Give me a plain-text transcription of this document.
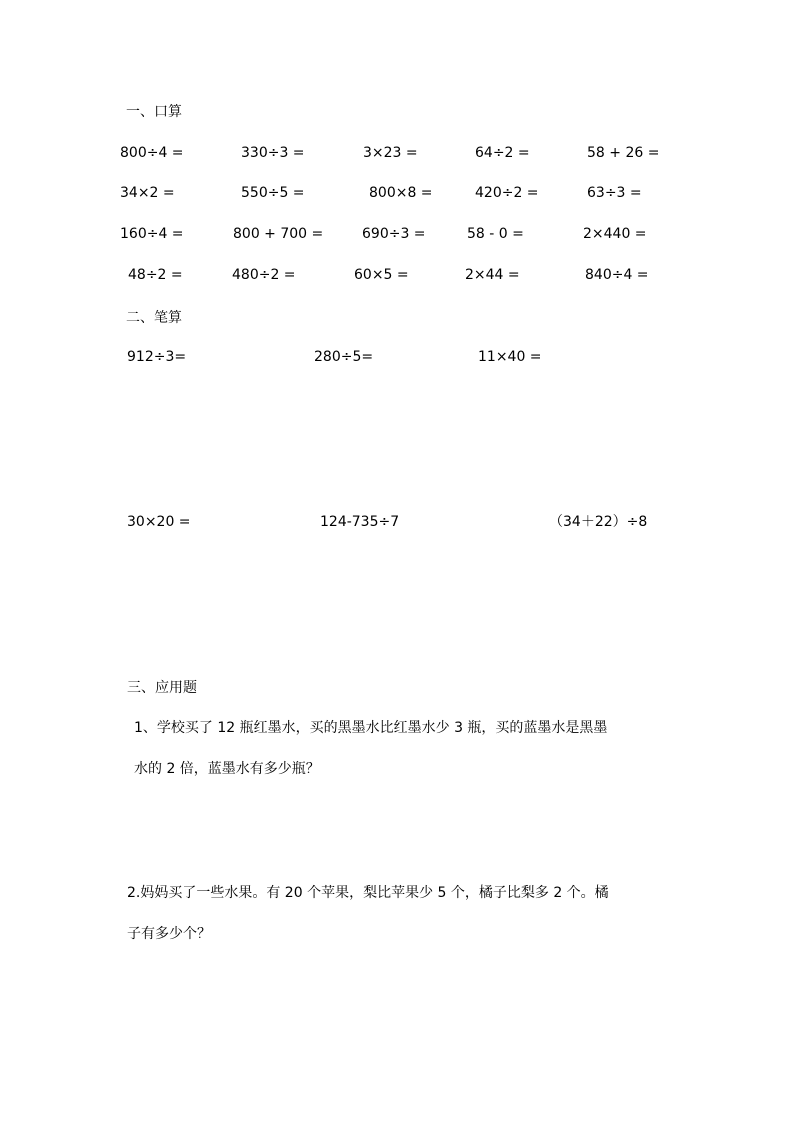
一、口算
800÷4 =	330÷3 =	3×23 =	64÷2 =	58 + 26 =
34×2 =	550÷5 =	800×8 =	420÷2 =	63÷3 =
160÷4 =	800 + 700 =	690÷3 =	58 - 0 =	2×440 =
48÷2 =	480÷2 =	60×5 =	2×44 =	840÷4 =
二、笔算
912÷3=	280÷5=	11×40 =
30×20 =	124-735÷7	（34＋22）÷8
三、应用题
1、学校买了 12 瓶红墨水，买的黑墨水比红墨水少 3 瓶，买的蓝墨水是黑墨
水的 2 倍，蓝墨水有多少瓶？
2.妈妈买了一些水果。有 20 个苹果，梨比苹果少 5 个，橘子比梨多 2 个。橘
子有多少个？
